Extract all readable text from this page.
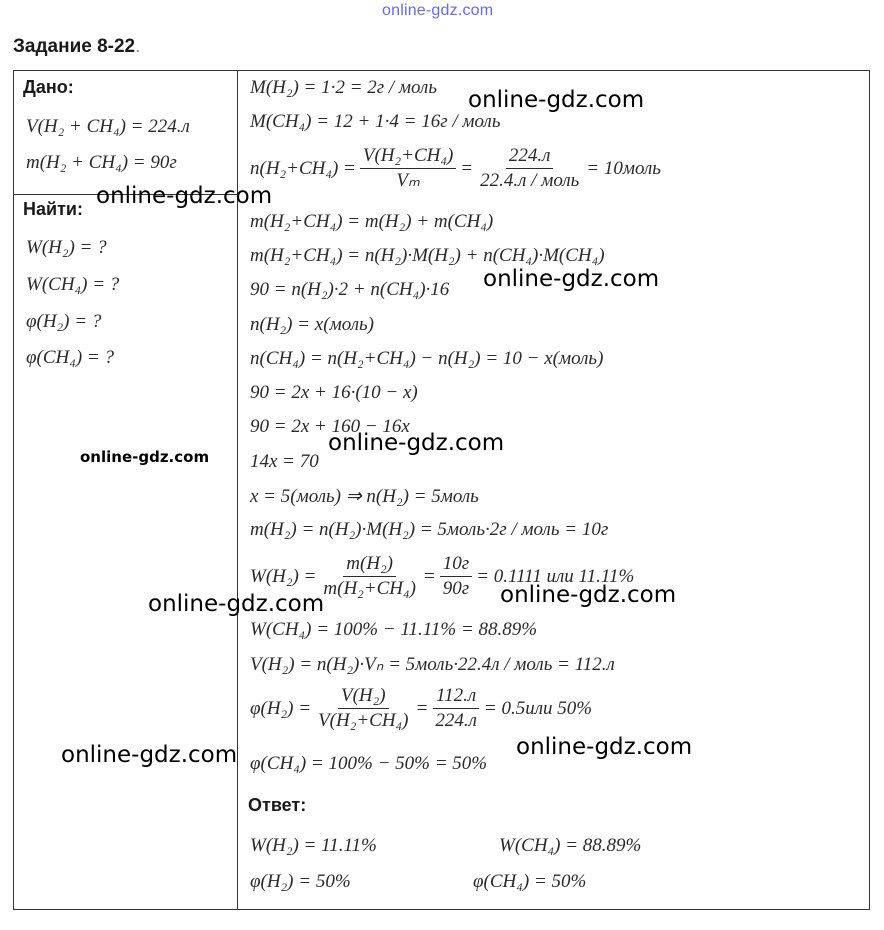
online-gdz.com
Задание 8-22.
Дано:
V(H₂ + CH₄) = 224.л
m(H₂ + CH₄) = 90г
Найти:
W(H₂) = ?
W(CH₄) = ?
φ(H₂) = ?
φ(CH₄) = ?
M(H₂) = 1·2 = 2г / моль
M(CH₄) = 12 + 1·4 = 16г / моль
$n(H_2+CH_4) = \frac{\text{V(H₂+CH₄)}}{\text{Vₘ}} = \frac{224.л}{\text{22.4.л / моль}}$ = 10моль
m(H₂+CH₄) = m(H₂) + m(CH₄)
m(H₂+CH₄) = n(H₂)·M(H₂) + n(CH₄)·M(CH₄)
90 = n(H₂)·2 + n(CH₄)·16
n(H₂) = x(моль)
n(CH₄) = n(H₂+CH₄) − n(H₂) = 10 − x(моль)
90 = 2x + 16·(10 − x)
90 = 2x + 160 − 16x
14x = 70
x = 5(моль) ⇒ n(H₂) = 5моль
m(H₂) = n(H₂)·M(H₂) = 5моль·2г / моль = 10г
$W(H_2) = \frac{\text{m(H₂)}}{\text{m(H₂+CH₄)}} = \frac{10г}{90г} = 0.1111$ или 11.11%
W(CH₄) = 100% − 11.11% = 88.89%
V(H₂) = n(H₂)·Vₙ = 5моль·22.4л / моль = 112.л
$\varphi(H_2) = \frac{\text{V(H₂)}}{\text{V(H₂+CH₄)}} = \frac{112.л}{224.л} = 0.5или$ 50%
φ(CH₄) = 100% − 50% = 50%
Ответ:
W(H₂) = 11.11%	W(CH₄) = 88.89%
φ(H₂) = 50%	φ(CH₄) = 50%
online-gdz.com
online-gdz.com
online-gdz.com
online-gdz.com
online-gdz.com
online-gdz.com
online-gdz.com
online-gdz.com	online-gdz.com
